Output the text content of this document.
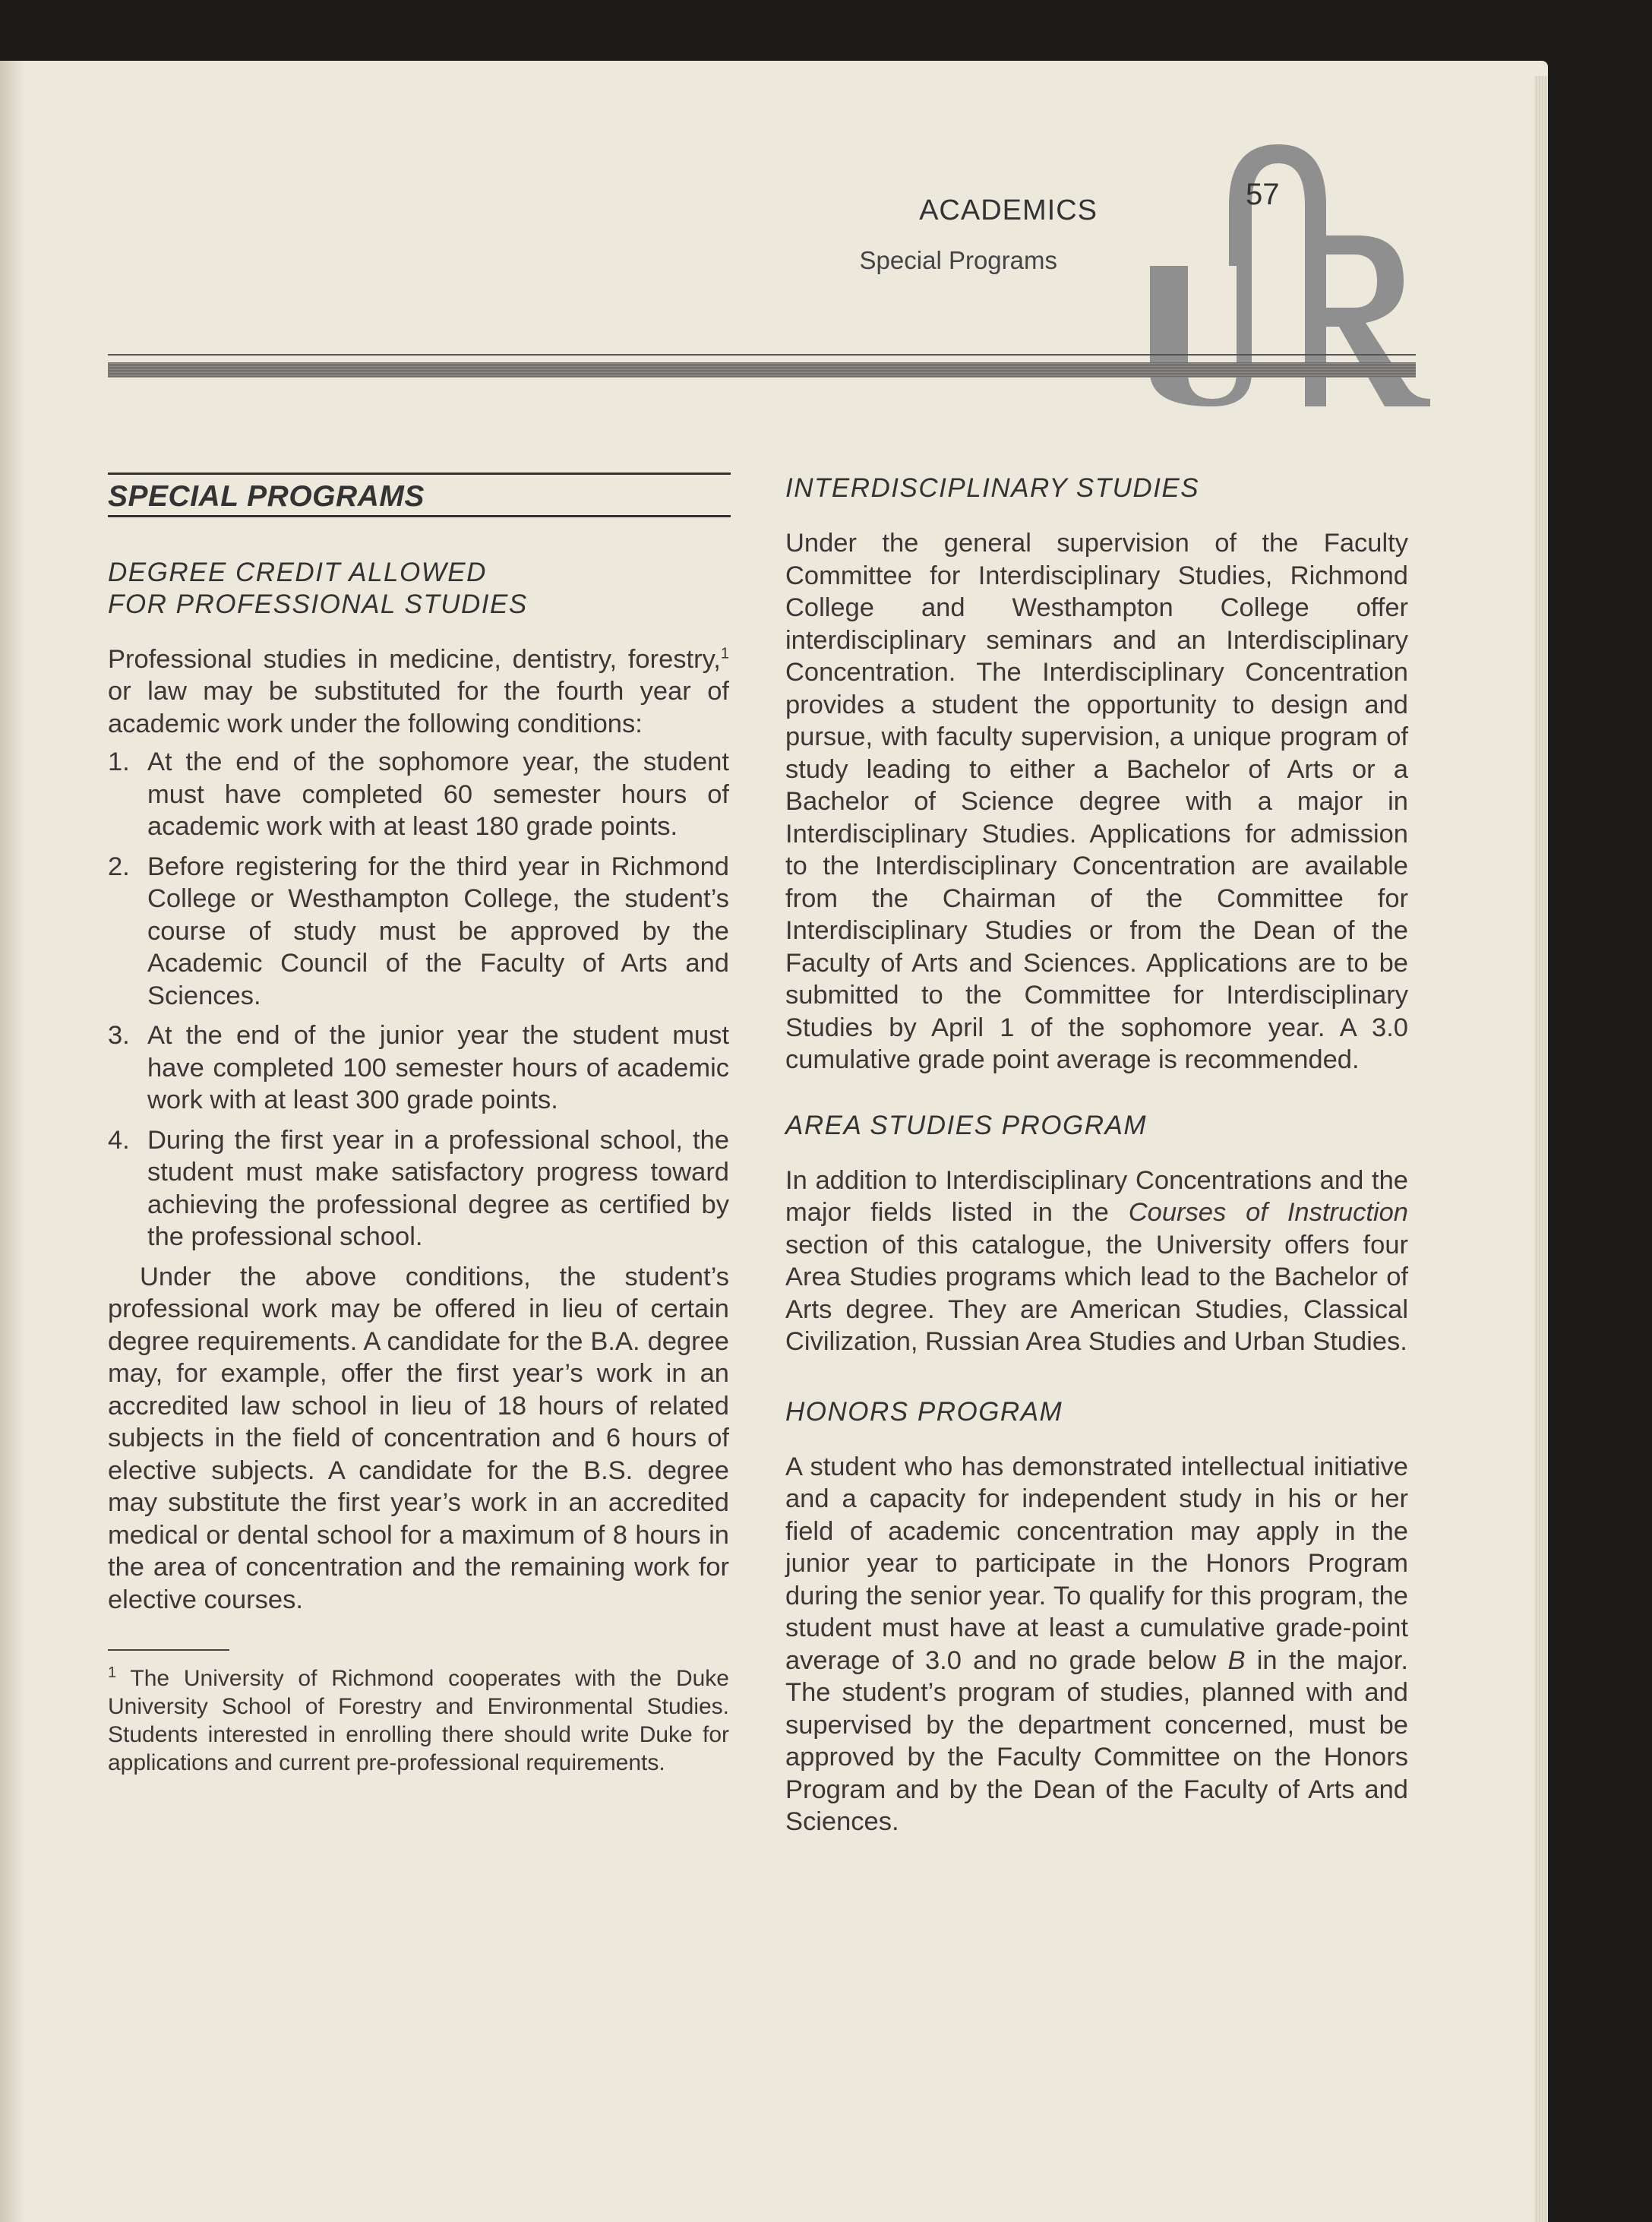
ACADEMICS
Special Programs
57
SPECIAL PROGRAMS
DEGREE CREDIT ALLOWED
FOR PROFESSIONAL STUDIES

Professional studies in medicine, dentistry, forestry,$^1$ or law may be substituted for the fourth year of academic work under the following conditions:

1. At the end of the sophomore year, the student must have completed 60 semester hours of academic work with at least 180 grade points.
2. Before registering for the third year in Richmond College or Westhampton College, the student’s course of study must be approved by the Academic Council of the Faculty of Arts and Sciences.
3. At the end of the junior year the student must have completed 100 semester hours of academic work with at least 300 grade points.
4. During the first year in a professional school, the student must make satisfactory progress toward achieving the professional degree as certified by the professional school.

Under the above conditions, the student’s professional work may be offered in lieu of certain degree requirements. A candidate for the B.A. degree may, for example, offer the first year’s work in an accredited law school in lieu of 18 hours of related subjects in the field of concentration and 6 hours of elective subjects. A candidate for the B.S. degree may substitute the first year’s work in an accredited medical or dental school for a maximum of 8 hours in the area of concentration and the remaining work for elective courses.

$^1$ The University of Richmond cooperates with the Duke University School of Forestry and Environmental Studies. Students interested in enrolling there should write Duke for applications and current pre-professional requirements.

INTERDISCIPLINARY STUDIES

Under the general supervision of the Faculty Committee for Interdisciplinary Studies, Richmond College and Westhampton College offer interdisciplinary seminars and an Interdisciplinary Concentration. The Interdisciplinary Concentration provides a student the opportunity to design and pursue, with faculty supervision, a unique program of study leading to either a Bachelor of Arts or a Bachelor of Science degree with a major in Interdisciplinary Studies. Applications for admission to the Interdisciplinary Concentration are available from the Chairman of the Committee for Interdisciplinary Studies or from the Dean of the Faculty of Arts and Sciences. Applications are to be submitted to the Committee for Interdisciplinary Studies by April 1 of the sophomore year. A 3.0 cumulative grade point average is recommended.

AREA STUDIES PROGRAM

In addition to Interdisciplinary Concentrations and the major fields listed in the Courses of Instruction section of this catalogue, the University offers four Area Studies programs which lead to the Bachelor of Arts degree. They are American Studies, Classical Civilization, Russian Area Studies and Urban Studies.

HONORS PROGRAM

A student who has demonstrated intellectual initiative and a capacity for independent study in his or her field of academic concentration may apply in the junior year to participate in the Honors Program during the senior year. To qualify for this program, the student must have at least a cumulative grade-point average of 3.0 and no grade below B in the major. The student’s program of studies, planned with and supervised by the department concerned, must be approved by the Faculty Committee on the Honors Program and by the Dean of the Faculty of Arts and Sciences.
